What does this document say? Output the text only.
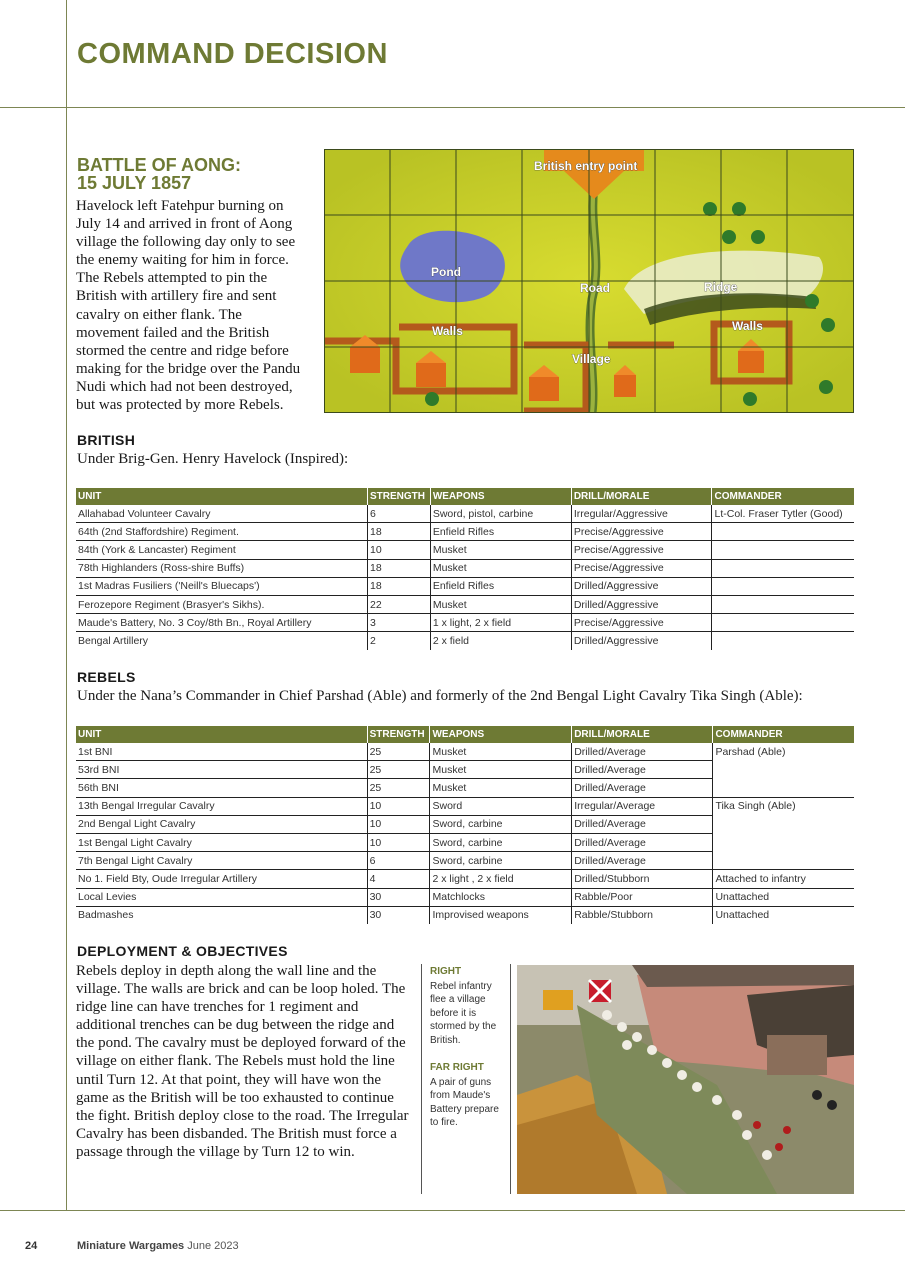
COMMAND DECISION
BATTLE OF AONG:
15 JULY 1857
Havelock left Fatehpur burning on July 14 and arrived in front of Aong village the following day only to see the enemy waiting for him in force. The Rebels attempted to pin the British with artillery fire and sent cavalry on either flank. The movement failed and the British stormed the centre and ridge before making for the bridge over the Pandu Nudi which had not been destroyed, but was protected by more Rebels.
British entry point
Pond
Road	Ridge
Walls	Walls
Village
BRITISH
Under Brig-Gen. Henry Havelock (Inspired):
UNIT	STRENGTH	WEAPONS	DRILL/MORALE	COMMANDER
Allahabad Volunteer Cavalry	6	Sword, pistol, carbine	Irregular/Aggressive	Lt-Col. Fraser Tytler (Good)
64th (2nd Staffordshire) Regiment.	18	Enfield Rifles	Precise/Aggressive	
84th (York & Lancaster) Regiment	10	Musket	Precise/Aggressive	
78th Highlanders (Ross-shire Buffs)	18	Musket	Precise/Aggressive	
1st Madras Fusiliers ('Neill's Bluecaps')	18	Enfield Rifles	Drilled/Aggressive	
Ferozepore Regiment (Brasyer's Sikhs).	22	Musket	Drilled/Aggressive	
Maude's Battery, No. 3 Coy/8th Bn., Royal Artillery	3	1 x light, 2 x field	Precise/Aggressive	
Bengal Artillery	2	2 x field	Drilled/Aggressive	
REBELS
Under the Nana’s Commander in Chief Parshad (Able) and formerly of the 2nd Bengal Light Cavalry Tika Singh (Able):
UNIT	STRENGTH	WEAPONS	DRILL/MORALE	COMMANDER
1st BNI	25	Musket	Drilled/Average	Parshad (Able)
53rd BNI	25	Musket	Drilled/Average	
56th BNI	25	Musket	Drilled/Average	
13th Bengal Irregular Cavalry	10	Sword	Irregular/Average	Tika Singh (Able)
2nd Bengal Light Cavalry	10	Sword, carbine	Drilled/Average	
1st Bengal Light Cavalry	10	Sword, carbine	Drilled/Average	
7th Bengal Light Cavalry	6	Sword, carbine	Drilled/Average	
No 1. Field Bty, Oude Irregular Artillery	4	2 x light , 2 x field	Drilled/Stubborn	Attached to infantry
Local Levies	30	Matchlocks	Rabble/Poor	Unattached
Badmashes	30	Improvised weapons	Rabble/Stubborn	Unattached
DEPLOYMENT & OBJECTIVES
Rebels deploy in depth along the wall line and the village. The walls are brick and can be loop holed. The ridge line can have trenches for 1 regiment and additional trenches can be dug between the ridge and the pond. The cavalry must be deployed forward of the village on either flank. The Rebels must hold the line until Turn 12. At that point, they will have won the game as the British will be too exhausted to continue the fight. British deploy close to the road. The Irregular Cavalry has been disbanded. The British must force a passage through the village by Turn 12 to win.
RIGHT
Rebel infantry flee a village before it is stormed by the British.
FAR RIGHT
A pair of guns from Maude's Battery prepare to fire.
24	Miniature Wargames June 2023
